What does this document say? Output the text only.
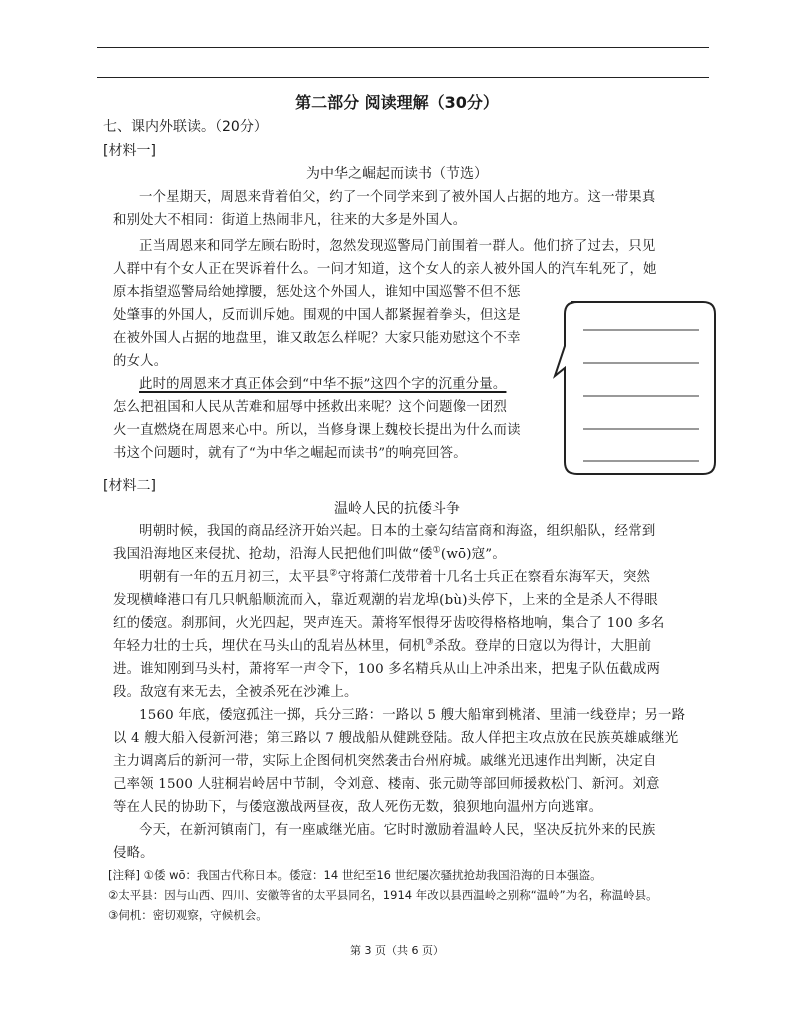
第二部分 阅读理解（30分）
七、课内外联读。（20分）
[材料一]
为中华之崛起而读书（节选）
一个星期天，周恩来背着伯父，约了一个同学来到了被外国人占据的地方。这一带果真
和别处大不相同：街道上热闹非凡，往来的大多是外国人。
正当周恩来和同学左顾右盼时，忽然发现巡警局门前围着一群人。他们挤了过去，只见
人群中有个女人正在哭诉着什么。一问才知道，这个女人的亲人被外国人的汽车轧死了，她
原本指望巡警局给她撑腰，惩处这个外国人，谁知中国巡警不但不惩
处肇事的外国人，反而训斥她。围观的中国人都紧握着拳头，但这是
在被外国人占据的地盘里，谁又敢怎么样呢？大家只能劝慰这个不幸
的女人。
此时的周恩来才真正体会到“中华不振”这四个字的沉重分量。
怎么把祖国和人民从苦难和屈辱中拯救出来呢？这个问题像一团烈
火一直燃烧在周恩来心中。所以，当修身课上魏校长提出为什么而读
书这个问题时，就有了“为中华之崛起而读书”的响亮回答。
[材料二]
温岭人民的抗倭斗争
明朝时候，我国的商品经济开始兴起。日本的土豪勾结富商和海盗，组织船队，经常到
我国沿海地区来侵扰、抢劫，沿海人民把他们叫做“倭①(wō)寇”。
明朝有一年的五月初三，太平县②守将萧仁茂带着十几名士兵正在察看东海军天，突然
发现横峰港口有几只帆船顺流而入，靠近观潮的岩龙埠(bù)头停下，上来的全是杀人不得眼
红的倭寇。刹那间，火光四起，哭声连天。萧将军恨得牙齿咬得格格地响，集合了 100 多名
年轻力壮的士兵，埋伏在马头山的乱岩丛林里，伺机③杀敌。登岸的日寇以为得计，大胆前
进。谁知刚到马头村，萧将军一声令下，100 多名精兵从山上冲杀出来，把鬼子队伍截成两
段。敌寇有来无去，全被杀死在沙滩上。
1560 年底，倭寇孤注一掷，兵分三路：一路以 5 艘大船窜到桃渚、里浦一线登岸；另一路
以 4 艘大船入侵新河港；第三路以 7 艘战船从健跳登陆。敌人佯把主攻点放在民族英雄戚继光
主力调离后的新河一带，实际上企图伺机突然袭击台州府城。戚继光迅速作出判断，决定自
己率领 1500 人驻桐岩岭居中节制，令刘意、楼南、张元勋等部回师援救松门、新河。刘意
等在人民的协助下，与倭寇激战两昼夜，敌人死伤无数，狼狈地向温州方向逃窜。
今天，在新河镇南门，有一座戚继光庙。它时时激励着温岭人民，坚决反抗外来的民族
侵略。
[注释] ①倭 wō：我国古代称日本。倭寇：14 世纪至16 世纪屡次骚扰抢劫我国沿海的日本强盗。
②太平县：因与山西、四川、安徽等省的太平县同名，1914 年改以县西温岭之别称“温岭”为名，称温岭县。
③伺机：密切观察，守候机会。
第 3 页（共 6 页）
